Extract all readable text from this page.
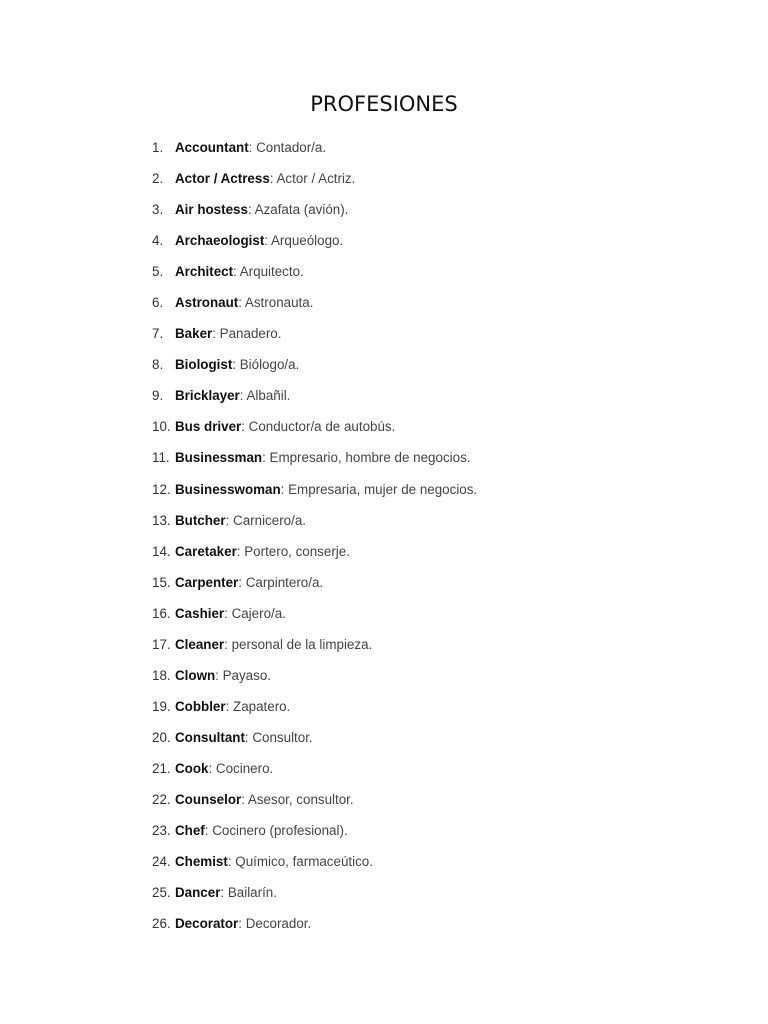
PROFESIONES
1. Accountant: Contador/a.
2. Actor / Actress: Actor / Actriz.
3. Air hostess: Azafata (avión).
4. Archaeologist: Arqueólogo.
5. Architect: Arquitecto.
6. Astronaut: Astronauta.
7. Baker: Panadero.
8. Biologist: Biólogo/a.
9. Bricklayer: Albañil.
10. Bus driver: Conductor/a de autobús.
11. Businessman: Empresario, hombre de negocios.
12. Businesswoman: Empresaria, mujer de negocios.
13. Butcher: Carnicero/a.
14. Caretaker: Portero, conserje.
15. Carpenter: Carpintero/a.
16. Cashier: Cajero/a.
17. Cleaner: personal de la limpieza.
18. Clown: Payaso.
19. Cobbler: Zapatero.
20. Consultant: Consultor.
21. Cook: Cocinero.
22. Counselor: Asesor, consultor.
23. Chef: Cocinero (profesional).
24. Chemist: Químico, farmaceútico.
25. Dancer: Bailarín.
26. Decorator: Decorador.
